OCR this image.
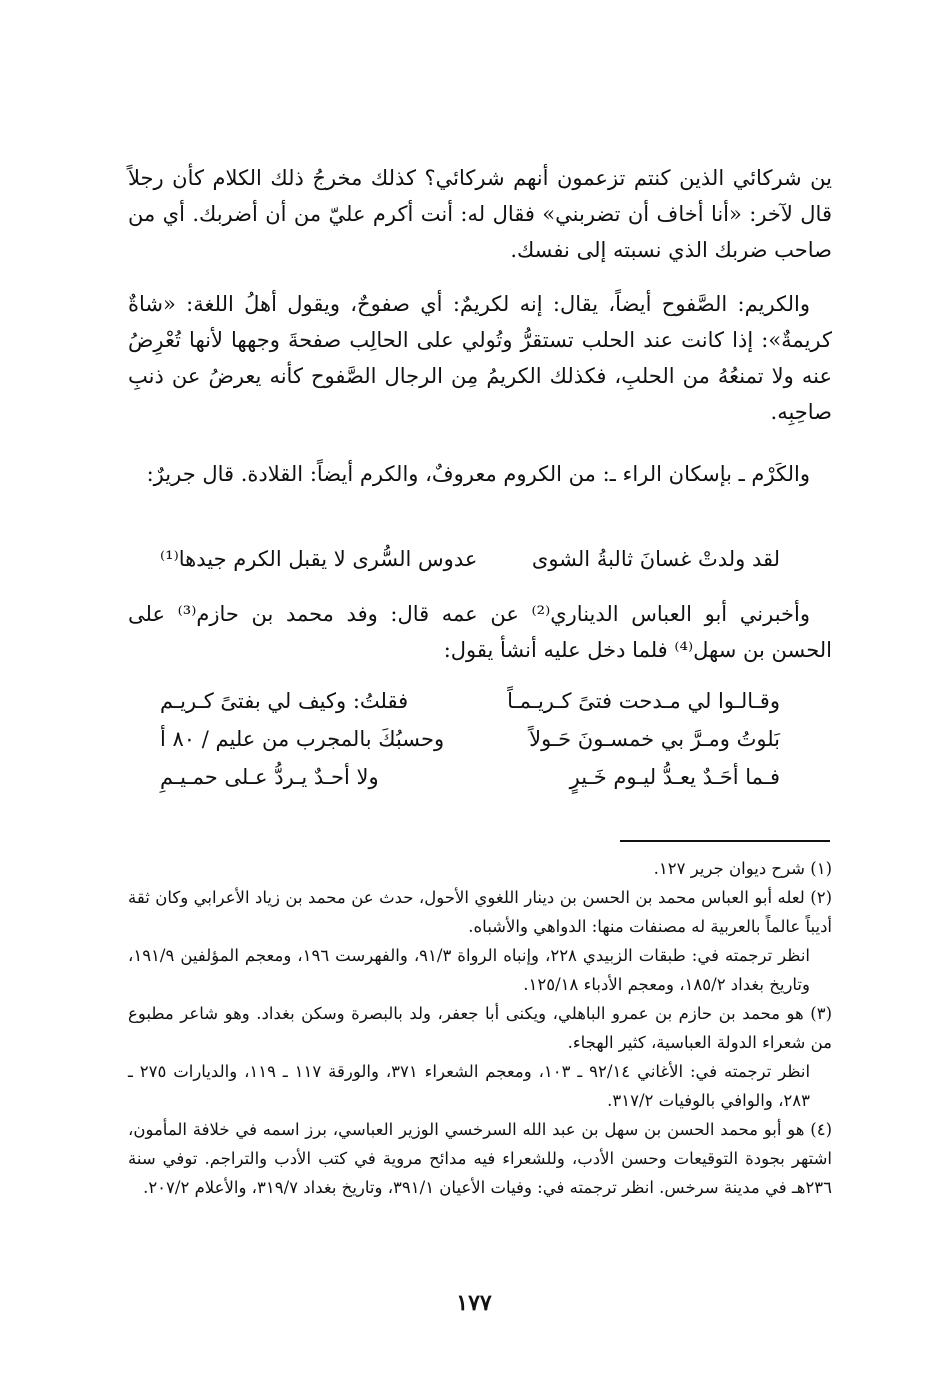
ين شركائي الذين كنتم تزعمون أنهم شركائي؟ كذلك مخرجُ ذلك الكلام كأن رجلاً قال لآخر: «أنا أخاف أن تضربني» فقال له: أنت أكرم عليّ من أن أضربك. أي من صاحب ضربك الذي نسبته إلى نفسك.

والكريم: الصَّفوح أيضاً، يقال: إنه لكريمٌ: أي صفوحٌ، ويقول أهلُ اللغة: «شاةٌ كريمةٌ»: إذا كانت عند الحلب تستقرُّ وتُولي على الحالِب صفحةَ وجهها لأنها تُعْرِضُ عنه ولا تمنعُهُ من الحلبِ، فكذلك الكريمُ مِن الرجال الصَّفوح كأنه يعرضُ عن ذنبِ صاحِبِه.

والكَرْم ـ بإسكان الراء ـ: من الكروم معروفٌ، والكرم أيضاً: القلادة. قال جريرٌ:

لقد ولدتْ غسانَ ثالبةُ الشوى
عدوس السُّرى لا يقبل الكرم جيدها⁽¹⁾

وأخبرني أبو العباس الديناري⁽²⁾ عن عمه قال: وفد محمد بن حازم⁽³⁾ على الحسن بن سهل⁽⁴⁾ فلما دخل عليه أنشأ يقول:

وقـالـوا لي مـدحت فتىً كـريـمـاً
فقلتُ: وكيف لي بفتىً كـريـم
بَلوتُ ومـرَّ بي خمسـونَ حَـولاً
وحسبُكَ بالمجرب من عليم / ٨٠ أ
فـما أحَـدٌ يعـدُّ ليـوم خَـيرٍ
ولا أحـدٌ يـردُّ عـلى حمـيـمِ

(١) شرح ديوان جرير ١٢٧.

(٢) لعله أبو العباس محمد بن الحسن بن دينار اللغوي الأحول، حدث عن محمد بن زياد الأعرابي وكان ثقة أديباً عالماً بالعربية له مصنفات منها: الدواهي والأشباه.

انظر ترجمته في: طبقات الزبيدي ٢٢٨، وإنباه الرواة ٩١/٣، والفهرست ١٩٦، ومعجم المؤلفين ١٩١/٩، وتاريخ بغداد ١٨٥/٢، ومعجم الأدباء ١٢٥/١٨.

(٣) هو محمد بن حازم بن عمرو الباهلي، ويكنى أبا جعفر، ولد بالبصرة وسكن بغداد. وهو شاعر مطبوع من شعراء الدولة العباسية، كثير الهجاء.

انظر ترجمته في: الأغاني ٩٢/١٤ ـ ١٠٣، ومعجم الشعراء ٣٧١، والورقة ١١٧ ـ ١١٩، والديارات ٢٧٥ ـ ٢٨٣، والوافي بالوفيات ٣١٧/٢.

(٤) هو أبو محمد الحسن بن سهل بن عبد الله السرخسي الوزير العباسي، برز اسمه في خلافة المأمون، اشتهر بجودة التوقيعات وحسن الأدب، وللشعراء فيه مدائح مروية في كتب الأدب والتراجم. توفي سنة ٢٣٦هـ في مدينة سرخس. انظر ترجمته في: وفيات الأعيان ٣٩١/١، وتاريخ بغداد ٣١٩/٧، والأعلام ٢٠٧/٢.

١٧٧
